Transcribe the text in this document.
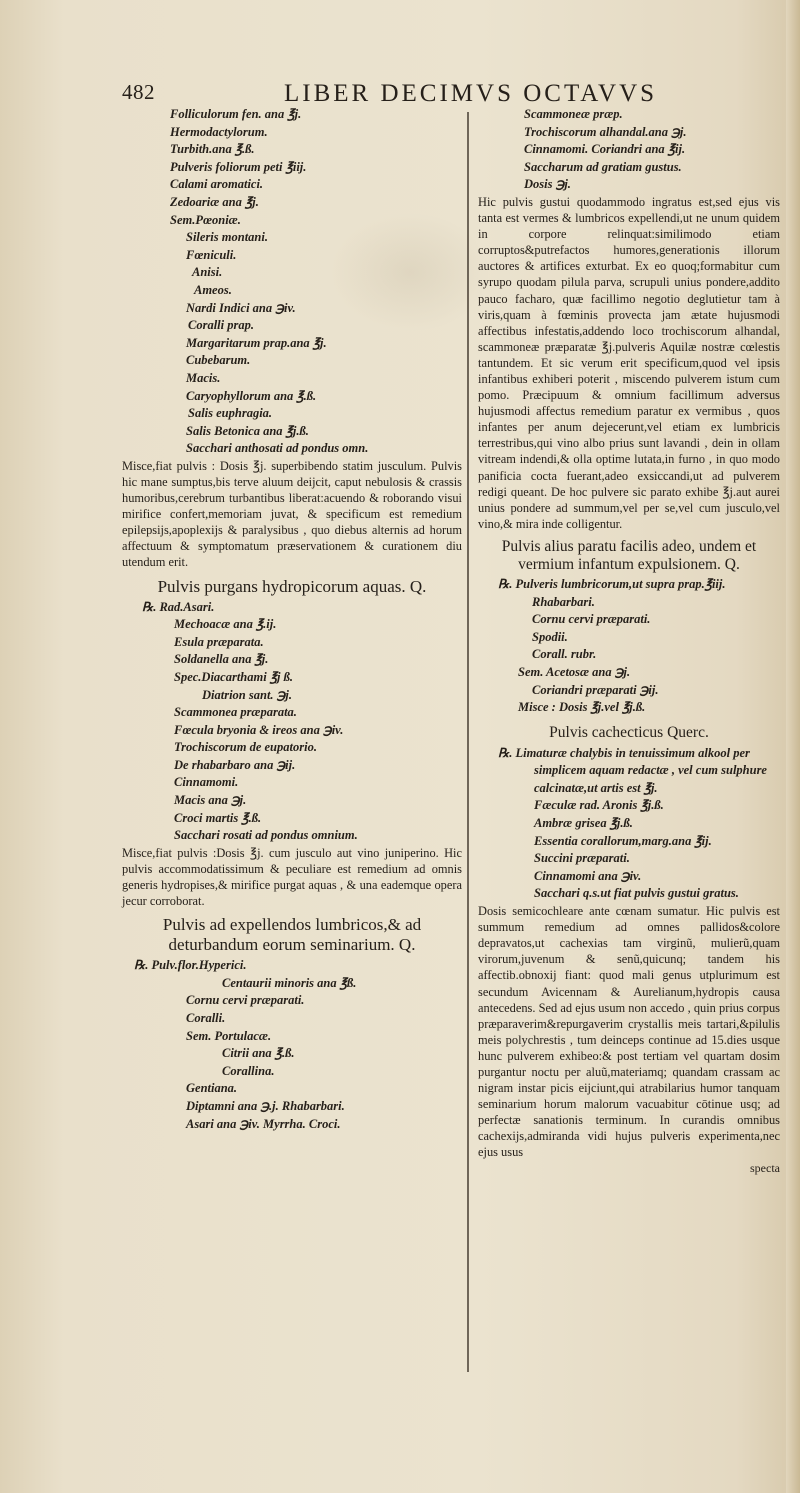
482	LIBER DECIMVS OCTAVVS
Folliculorum fen. ana ℥j.
Hermodactylorum.
Turbith.ana ℥.ß.
Pulveris foliorum peti ℥iij.
Calami aromatici.
Zedoariæ ana ℥j.
Sem.Pœoniæ.
Sileris montani.
Fœniculi.
Anisi.
Ameos.
Nardi Indici ana ℈iv.
Coralli prap.
Margaritarum prap.ana ℥j.
Cubebarum.
Macis.
Caryophyllorum ana ℥.ß.
Salis euphragia.
Salis Betonica ana ℥j.ß.
Sacchari anthosati ad pondus omn.

Misce,fiat pulvis : Dosis ℥j. superbibendo statim jusculum. Pulvis hic mane sumptus,bis terve aluum deijcit, caput nebulosis & crassis humoribus,cerebrum turbantibus liberat:acuendo & roborando visui mirifice confert,memoriam juvat, & specificum est remedium epilepsijs,apoplexijs & paralysibus , quo diebus alternis ad horum affectuum & symptomatum præservationem & curationem diu utendum erit.

Pulvis purgans hydropicorum aquas. Q.
℞. Rad.Asari.
Mechoacæ ana ℥.ij.
Esula præparata.
Soldanella ana ℥j.
Spec.Diacarthami ℥j ß.
Diatrion sant. ℈j.
Scammonea præparata.
Fœcula bryonia & ireos ana ℈iv.
Trochiscorum de eupatorio.
De rhabarbaro ana ℈ij.
Cinnamomi.
Macis ana ℈j.
Croci martis ℥.ß.
Sacchari rosati ad pondus omnium.

Misce,fiat pulvis :Dosis ℥j. cum jusculo aut vino juniperino. Hic pulvis accommodatissimum & peculiare est remedium ad omnis generis hydropises,& mirifice purgat aquas , & una eademque opera jecur corroborat.

Pulvis ad expellendos lumbricos,& ad deturbandum eorum seminarium. Q.
℞. Pulv.flor.Hyperici.
Centaurii minoris ana ℥ß.
Cornu cervi præparati.
Coralli.
Sem. Portulacæ.
Citrii ana ℥.ß.
Corallina.
Gentiana.
Diptamni ana ℈.j. Rhabarbari.
Asari ana ℈iv. Myrrha. Croci.
Scammoneæ præp.
Trochiscorum alhandal.ana ℈j.
Cinnamomi. Coriandri ana ℥ij.
Saccharum ad gratiam gustus.
Dosis ℈j.

Hic pulvis gustui quodammodo ingratus est,sed ejus vis tanta est vermes & lumbricos expellendi,ut ne unum quidem in corpore relinquat:similimodo etiam corruptos&putrefactos humores,generationis illorum auctores & artifices exturbat. Ex eo quoq;formabitur cum syrupo quodam pilula parva, scrupuli unius pondere,addito pauco facharo, quæ facillimo negotio deglutietur tam à viris,quam à fœminis provecta jam ætate hujusmodi affectibus infestatis,addendo loco trochiscorum alhandal, scammoneæ præparatæ ℥j.pulveris Aquilæ nostræ cœlestis tantundem. Et sic verum erit specificum,quod vel ipsis infantibus exhiberi poterit , miscendo pulverem istum cum pomo. Præcipuum & omnium facillimum adversus hujusmodi affectus remedium paratur ex vermibus , quos infantes per anum dejecerunt,vel etiam ex lumbricis terrestribus,qui vino albo prius sunt lavandi , dein in ollam vitream indendi,& olla optime lutata,in furno , in quo modo panificia cocta fuerant,adeo exsiccandi,ut ad pulverem redigi queant. De hoc pulvere sic parato exhibe ℥j.aut aurei unius pondere ad summum,vel per se,vel cum jusculo,vel vino,& mira inde colligentur.

Pulvis alius paratu facilis adeo, undem et vermium infantum expulsionem. Q.
℞. Pulveris lumbricorum,ut supra prap.℥iij.
Rhabarbari.
Cornu cervi præparati.
Spodii.
Corall. rubr.
Sem. Acetosæ ana ℈j.
Coriandri præparati ℈ij.
Misce : Dosis ℥j.vel ℥j.ß.
Pulvis cachecticus Querc.
℞. Limaturæ chalybis in tenuissimum alkool per
simplicem aquam redactæ , vel cum sulphure
calcinatæ,ut artis est ℥j.
Fæculæ rad. Aronis ℥j.ß.
Ambræ grisea ℥j.ß.
Essentia corallorum,marg.ana ℥ij.
Succini præparati.
Cinnamomi ana ℈iv.
Sacchari q.s.ut fiat pulvis gustui gratus.

Dosis semicochleare ante cœnam sumatur. Hic pulvis est summum remedium ad omnes pallidos&colore depravatos,ut cachexias tam virginũ, mulierũ,quam virorum,juvenum & senũ,quicunq; tandem his affectib.obnoxij fiant: quod mali genus utplurimum est secundum Avicennam & Aurelianum,hydropis causa antecedens. Sed ad ejus usum non accedo , quin prius corpus præparaverim&repurgaverim crystallis meis tartari,&pilulis meis polychrestis , tum deinceps continue ad 15.dies usque hunc pulverem exhibeo:& post tertiam vel quartam dosim purgantur noctu per aluũ,materiamq; quandam crassam ac nigram instar picis eijciunt,qui atrabilarius humor tanquam seminarium horum malorum vacuabitur cōtinue usq; ad perfectæ sanationis terminum. In curandis omnibus cachexijs,admiranda vidi hujus pulveris experimenta,nec ejus usus

specta
